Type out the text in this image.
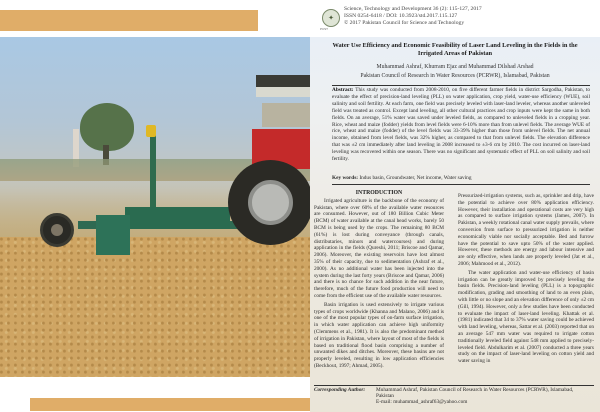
✦
PCST
Science, Technology and Development 36 (2): 115-127, 2017
ISSN 0254-6418 / DOI: 10.3923/std.2017.115.127
© 2017 Pakistan Council for Science and Technology
Water Use Efficiency and Economic Feasibility of Laser Land Leveling in the Fields in the Irrigated Areas of Pakistan
Muhammad Ashraf, Khurram Ejaz and Muhammad Dilshad Arshad
Pakistan Council of Research in Water Resources (PCRWR), Islamabad, Pakistan
Abstract: This study was conducted from 2008-2010, on five different farmer fields in district Sargodha, Pakistan, to evaluate the effect of precision-land leveling (PLL) on water application, crop yield, water-use efficiency (WUE), soil salinity and soil fertility. At each farm, one field was precisely leveled with laser-land leveler, whereas another unleveled field was treated as control. Except land leveling, all other cultural practices and crop inputs were kept the same in both fields. On an average, 51% water was saved under leveled fields, as compared to unleveled fields in a cropping year. Rice, wheat and maize (fodder) yields from level fields were 6-10% more than from unlevel fields. The average WUE of rice, wheat and maize (fodder) of the level fields was 33-39% higher than those from unlevel fields. The net annual income, obtained from level fields, was 32% higher, as compared to that from unlevel fields. The elevation difference that was ±2 cm immediately after land leveling in 2008 increased to ±3-6 cm by 2010. The cost incurred on laser-land leveling was recovered within one season. There was no significant and systematic effect of PLL on soil salinity and soil fertility.
Key words: Indus basin, Groundwater, Net income, Water saving
INTRODUCTION

Irrigated agriculture is the backbone of the economy of Pakistan, where over 60% of the available water resources are consumed. However, out of 180 Billion Cubic Meter (BCM) of water available at the canal head works, barely 50 BCM is being used by the crops. The remaining 80 BCM (61%) is lost during conveyance (through canals, distributaries, minors and watercourses) and during application in the fields (Qureshi, 2011; Briscoe and Qamar, 2006). Moreover, the existing reservoirs have lost almost 35% of their capacity, due to sedimentation (Ashraf et al., 2000). As no additional water has been injected into the system during the last forty years (Briscoe and Qamar, 2006) and there is no chance for such addition in the near future, therefore, much of the future food production will need to come from the efficient use of the available water resources.

Basin irrigation is used extensively to irrigate various types of crops worldwide (Khanna and Malano, 2006) and is one of the most popular types of on-farm surface irrigation, in which water application can achieve high uniformity (Clemmens et al., 1981). It is also the predominant method of irrigation in Pakistan, where layout of most of the fields is based on traditional flood basin comprising a number of unwanted dikes and ditches. Moreover, these basins are not properly leveled, resulting in low application efficiencies (Beckhout, 1997; Ahmad, 2005).

Pressurized-irrigation systems, such as, sprinkler and drip, have the potential to achieve over 80% application efficiency. However, their installation and operational costs are very high as compared to surface irrigation systems (James, 2007). In Pakistan, a weekly rotational canal water supply prevails, where conversion from surface to pressurized irrigation is neither economically viable nor socially acceptable. Bed and furrow have the potential to save upto 50% of the water applied. However, these methods are energy and labour intensive and are only effective, when lands are properly leveled (Jat et al., 2006; Mahmood et al., 2012).

The water application and water-use efficiency of basin irrigation can be greatly improved by precisely leveling the basin fields. Precision-land leveling (PLL) is a topographic modification, grading and smoothing of land to an even plain, with little or no slope and an elevation difference of only ±2 cm (Gill, 1994). However, only a few studies have been conducted to evaluate the impact of laser-land leveling. Khattak et al. (1981) indicated that 34 to 37% water saving could be achieved with land leveling, whereas, Sattar et al. (2003) reported that on an average 547 mm water was required to irrigate cotton traditionally leveled field against 548 mm applied to precisely-leveled field. Abdulkarim et al. (2007) conducted a three years study on the impact of laser-land leveling on cotton yield and water saving in

Corresponding Author: Muhammad Ashraf, Pakistan Council of Research in Water Resources (PCRWR), Islamabad, Pakistan
E-mail: muhammad_ashraf63@yahoo.com
